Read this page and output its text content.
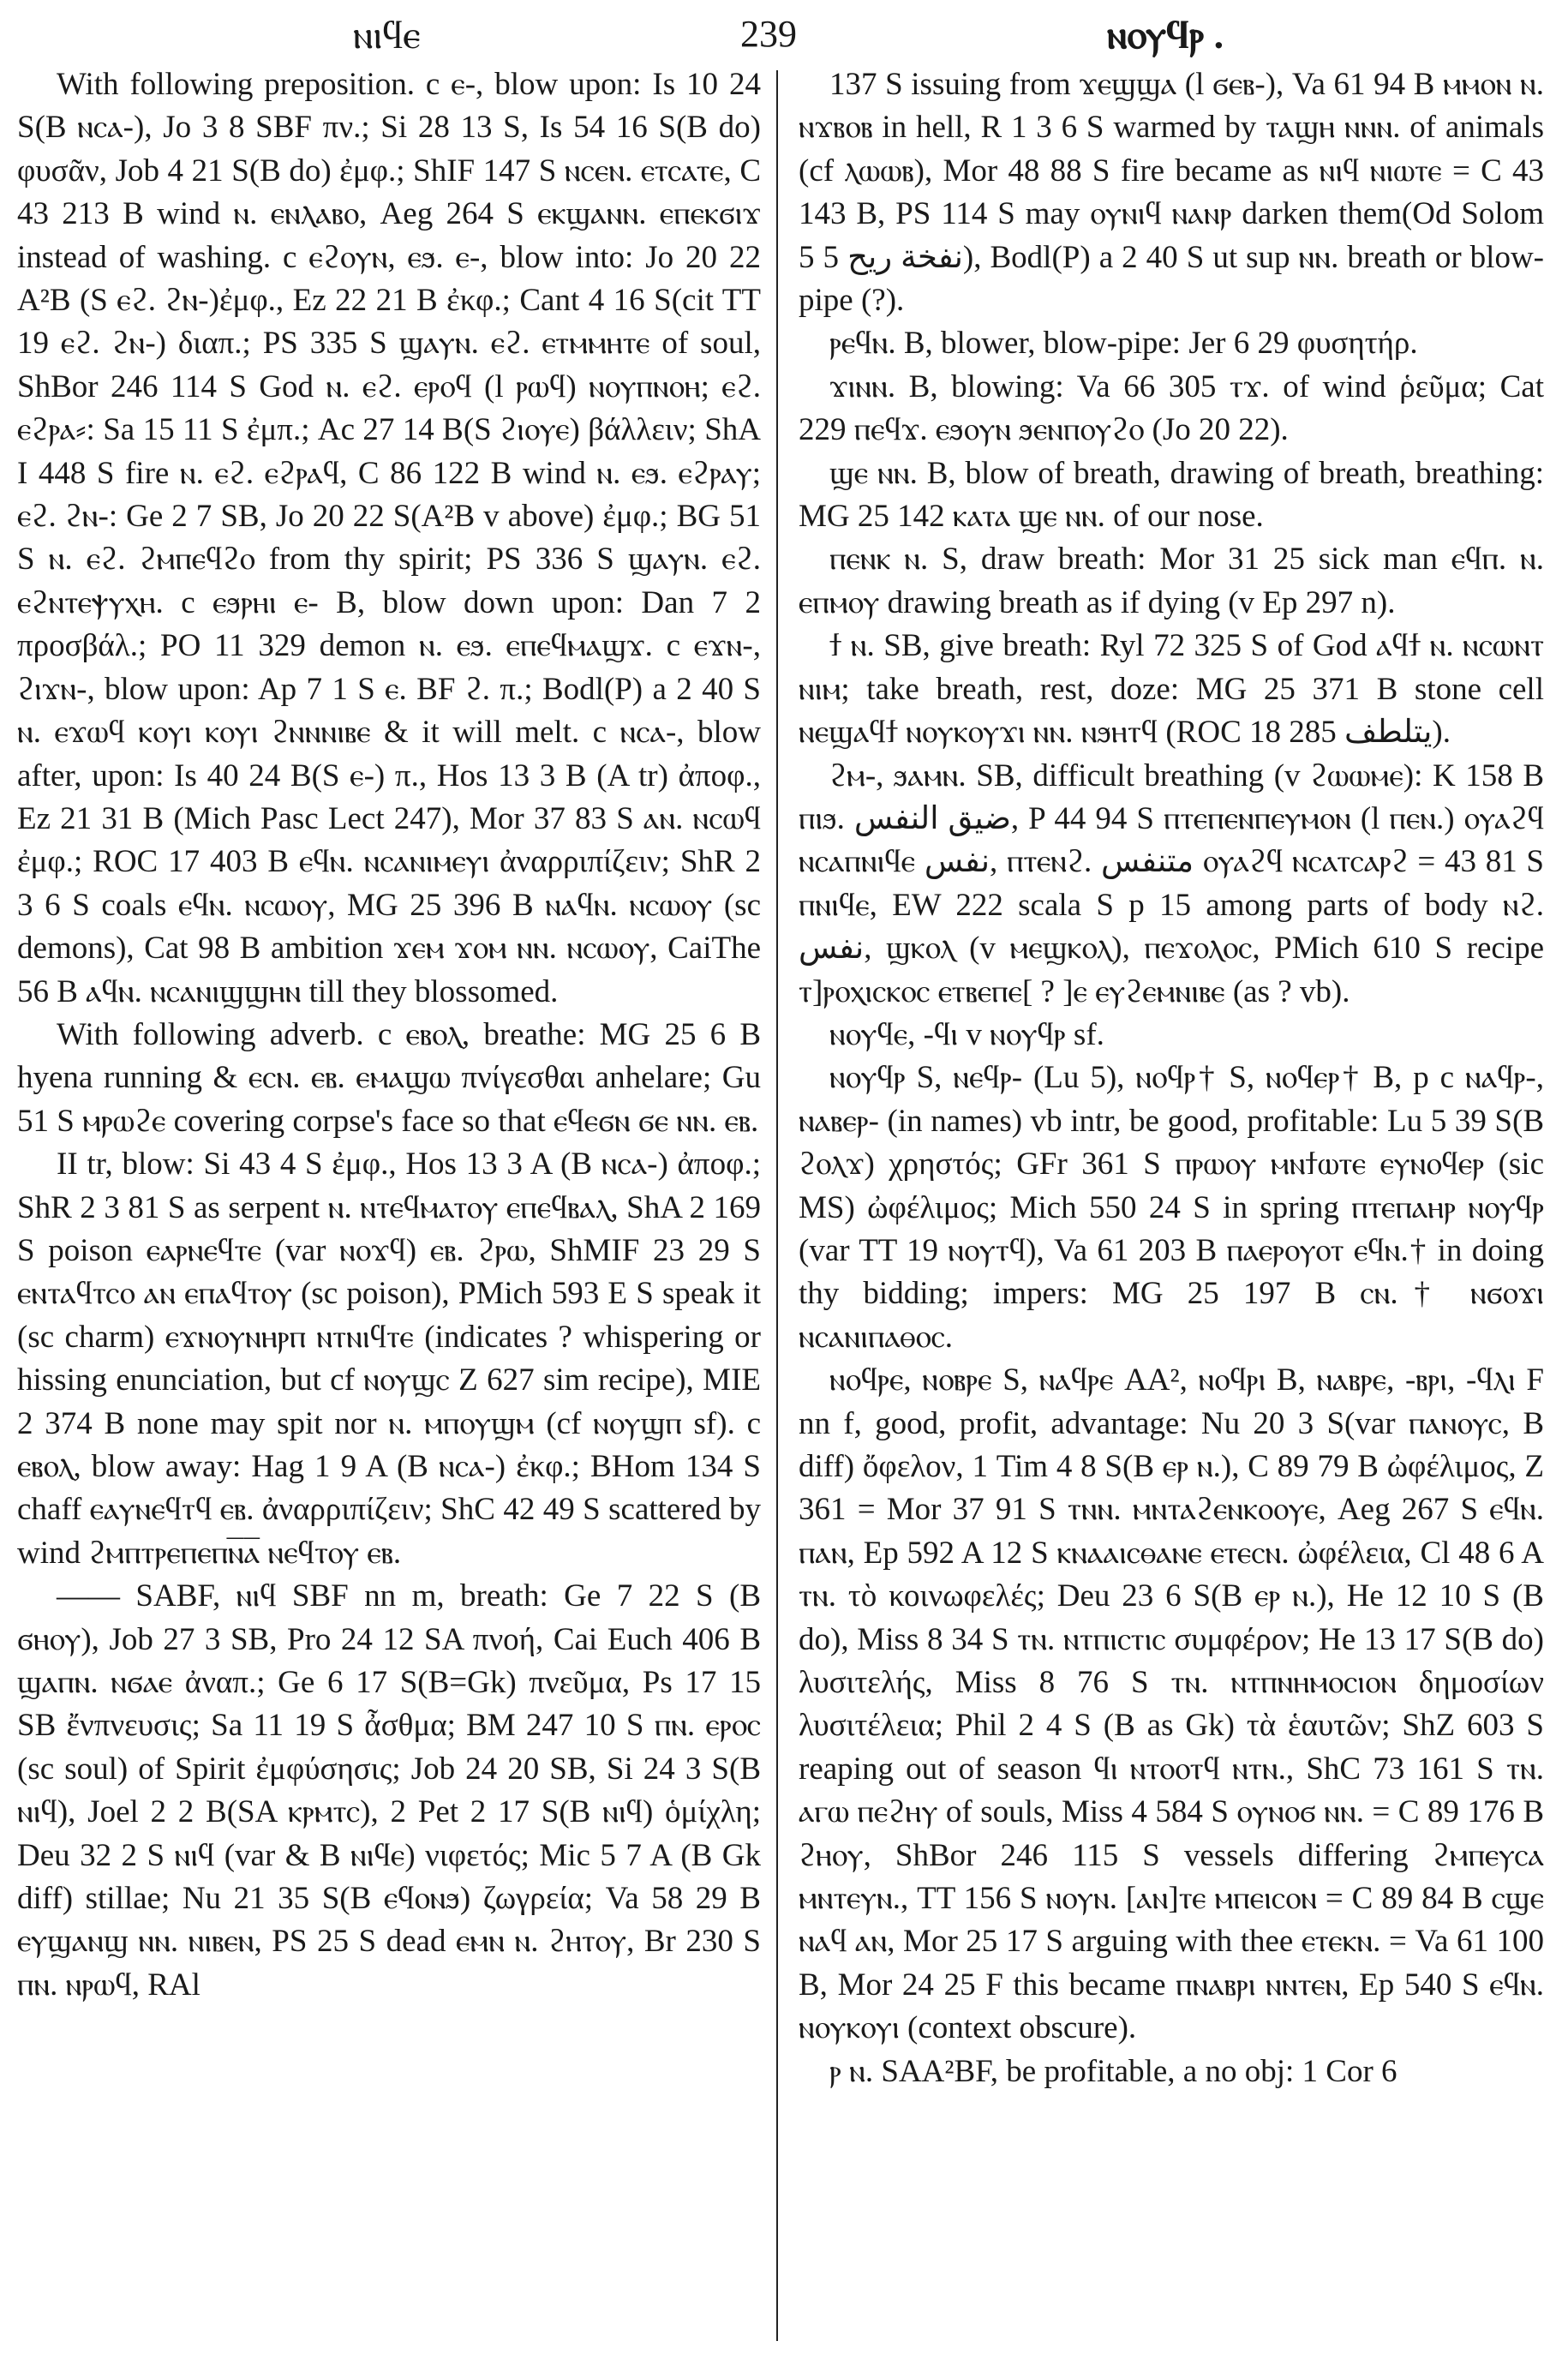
ⲛⲓϥⲉ	239	ⲛⲟⲩϥⲣ .

With following preposition. c ⲉ-, blow upon: Is 10 24 S(B ⲛⲥⲁ-), Jo 3 8 SBF πν.; Si 28 13 S, Is 54 16 S(B do) φυσᾶν, Job 4 21 S(B do) ἐμφ.; ShIF 147 S ⲛⲥⲉⲛ. ⲉⲧⲥⲁⲧⲉ, C 43 213 B wind ⲛ. ⲉⲛⲗⲁⲃⲟ, Aeg 264 S ⲉⲕϣⲁⲛⲛ. ⲉⲡⲉⲕϭⲓϫ instead of washing. c ⲉϩⲟⲩⲛ, ⲉϧ. ⲉ-, blow into: Jo 20 22 A²B (S ⲉϩ. ϩⲛ-)ἐμφ., Ez 22 21 B ἐκφ.; Cant 4 16 S(cit TT 19 ⲉϩ. ϩⲛ-) διαπ.; PS 335 S ϣⲁⲩⲛ. ⲉϩ. ⲉⲧⲙⲙⲏⲧⲉ of soul, ShBor 246 114 S God ⲛ. ⲉϩ. ⲉⲣⲟϥ (l ⲣⲱϥ) ⲛⲟⲩⲡⲛⲟⲏ; ⲉϩ. ⲉϩⲣⲁ⸗: Sa 15 11 S ἐμπ.; Ac 27 14 B(S ϩⲓⲟⲩⲉ) βάλλειν; ShA I 448 S fire ⲛ. ⲉϩ. ⲉϩⲣⲁϥ, C 86 122 B wind ⲛ. ⲉϧ. ⲉϩⲣⲁⲩ; ⲉϩ. ϩⲛ-: Ge 2 7 SB, Jo 20 22 S(A²B v above) ἐμφ.; BG 51 S ⲛ. ⲉϩ. ϩⲙⲡⲉϥϩⲟ from thy spirit; PS 336 S ϣⲁⲩⲛ. ⲉϩ. ⲉϩⲛⲧⲉⲯⲩⲭⲏ. c ⲉϧⲣⲏⲓ ⲉ- B, blow down upon: Dan 7 2 προσβάλ.; PO 11 329 demon ⲛ. ⲉϧ. ⲉⲡⲉϥⲙⲁϣϫ. c ⲉϫⲛ-, ϩⲓϫⲛ-, blow upon: Ap 7 1 S ⲉ. BF ϩ. π.; Bodl(P) a 2 40 S ⲛ. ⲉϫⲱϥ ⲕⲟⲩⲓ ⲕⲟⲩⲓ ϩⲛⲛⲛⲓⲃⲉ & it will melt. c ⲛⲥⲁ-, blow after, upon: Is 40 24 B(S ⲉ-) π., Hos 13 3 B (A tr) ἀποφ., Ez 21 31 B (Mich Pasc Lect 247), Mor 37 83 S ⲁⲛ. ⲛⲥⲱϥ ἐμφ.; ROC 17 403 B ⲉϥⲛ. ⲛⲥⲁⲛⲓⲙⲉⲩⲓ ἀναρριπίζειν; ShR 2 3 6 S coals ⲉϥⲛ. ⲛⲥⲱⲟⲩ, MG 25 396 B ⲛⲁϥⲛ. ⲛⲥⲱⲟⲩ (sc demons), Cat 98 B ambition ϫⲉⲙ ϫⲟⲙ ⲛⲛ. ⲛⲥⲱⲟⲩ, CaiThe 56 B ⲁϥⲛ. ⲛⲥⲁⲛⲓϣϣⲏⲛ till they blossomed.

With following adverb. c ⲉⲃⲟⲗ, breathe: MG 25 6 B hyena running & ⲉⲥⲛ. ⲉⲃ. ⲉⲙⲁϣⲱ πνίγεσθαι anhelare; Gu 51 S ⲙⲣⲱϩⲉ covering corpse's face so that ⲉϥⲉϭⲛ ϭⲉ ⲛⲛ. ⲉⲃ.

II tr, blow: Si 43 4 S ἐμφ., Hos 13 3 A (B ⲛⲥⲁ-) ἀποφ.; ShR 2 3 81 S as serpent ⲛ. ⲛⲧⲉϥⲙⲁⲧⲟⲩ ⲉⲡⲉϥⲃⲁⲗ, ShA 2 169 S poison ⲉⲁⲣⲛⲉϥⲧⲉ (var ⲛⲟϫϥ) ⲉⲃ. ϩⲣⲱ, ShMIF 23 29 S ⲉⲛⲧⲁϥⲧⲥⲟ ⲁⲛ ⲉⲡⲁϥⲧⲟⲩ (sc poison), PMich 593 E S speak it (sc charm) ⲉϫⲛⲟⲩⲛⲏⲣⲡ ⲛⲧⲛⲓϥⲧⲉ (indicates ? whispering or hissing enunciation, but cf ⲛⲟⲩϣⲥ Z 627 sim recipe), MIE 2 374 B none may spit nor ⲛ. ⲙⲡⲟⲩϣⲙ (cf ⲛⲟⲩϣⲡ sf). c ⲉⲃⲟⲗ, blow away: Hag 1 9 A (B ⲛⲥⲁ-) ἐκφ.; BHom 134 S chaff ⲉⲁⲩⲛⲉϥⲧϥ ⲉⲃ. ἀναρριπίζειν; ShC 42 49 S scattered by wind ϩⲙⲡⲧⲣⲉⲡⲉⲡⲛ̅ⲁ̅ ⲛⲉϥⲧⲟⲩ ⲉⲃ.

—— SABF, ⲛⲓϥ SBF nn m, breath: Ge 7 22 S (B ϭⲏⲟⲩ), Job 27 3 SB, Pro 24 12 SA πνοή, Cai Euch 406 B ϣⲁⲡⲛ. ⲛϭⲁⲉ ἀναπ.; Ge 6 17 S(B=Gk) πνεῦμα, Ps 17 15 SB ἔνπνευσις; Sa 11 19 S ἆσθμα; BM 247 10 S ⲡⲛ. ⲉⲣⲟⲥ (sc soul) of Spirit ἐμφύσησις; Job 24 20 SB, Si 24 3 S(B ⲛⲓϥ), Joel 2 2 B(SA ⲕⲣⲙⲧⲥ), 2 Pet 2 17 S(B ⲛⲓϥ) ὁμίχλη; Deu 32 2 S ⲛⲓϥ (var & B ⲛⲓϥⲉ) νιφετός; Mic 5 7 A (B Gk diff) stillae; Nu 21 35 S(B ⲉϥⲟⲛϧ) ζωγρεία; Va 58 29 B ⲉⲩϣⲁⲛϣ ⲛⲛ. ⲛⲓⲃⲉⲛ, PS 25 S dead ⲉⲙⲛ ⲛ. ϩⲏⲧⲟⲩ, Br 230 S ⲡⲛ. ⲛⲣⲱϥ, RAl

137 S issuing from ϫⲉϣϣⲁ (l ϭⲉⲃ-), Va 61 94 B ⲙⲙⲟⲛ ⲛ. ⲛϫⲃⲟⲃ in hell, R 1 3 6 S warmed by ⲧⲁϣⲏ ⲛⲛⲛ. of animals (cf ⲗⲱⲱⲃ), Mor 48 88 S fire became as ⲛⲓϥ ⲛⲓⲱⲧⲉ = C 43 143 B, PS 114 S may ⲟⲩⲛⲓϥ ⲛⲁⲛⲣ darken them(Od Solom 5 5 ﻧﻔﺨﺔ ﺭﻳﺢ), Bodl(P) a 2 40 S ut sup ⲛⲛ. breath or blow-pipe (?).

ⲣⲉϥⲛ. B, blower, blow-pipe: Jer 6 29 φυσητήρ.

ϫⲓⲛⲛ. B, blowing: Va 66 305 ⲧϫ. of wind ῥεῦμα; Cat 229 ⲡⲉϥϫ. ⲉϧⲟⲩⲛ ϧⲉⲛⲡⲟⲩϩⲟ (Jo 20 22).

ϣⲉ ⲛⲛ. B, blow of breath, drawing of breath, breathing: MG 25 142 ⲕⲁⲧⲁ ϣⲉ ⲛⲛ. of our nose.

ⲡⲉⲛⲕ ⲛ. S, draw breath: Mor 31 25 sick man ⲉϥⲡ. ⲛ. ⲉⲡⲙⲟⲩ drawing breath as if dying (v Ep 297 n).

ϯ ⲛ. SB, give breath: Ryl 72 325 S of God ⲁϥϯ ⲛ. ⲛⲥⲱⲛⲧ ⲛⲓⲙ; take breath, rest, doze: MG 25 371 B stone cell ⲛⲉϣⲁϥϯ ⲛⲟⲩⲕⲟⲩϫⲓ ⲛⲛ. ⲛϧⲏⲧϥ (ROC 18 285 ﻳﺘﻠﻄﻒ).

ϩⲙ-, ϧⲁⲙⲛ. SB, difficult breathing (v ϩⲱⲱⲙⲉ): K 158 B ⲡⲓϧ. ﺿﻴﻖ ﺍﻟﻨﻔﺲ, P 44 94 S ⲡⲧⲉⲡⲉⲛⲡⲉⲩⲙⲟⲛ (l ⲡⲉⲛ.) ⲟⲩⲁϩϥ ⲛⲥⲁⲡⲛⲓϥⲉ ﻧﻔﺲ, ⲡⲧⲉⲛϩ. ﻣﺘﻨﻔﺲ ⲟⲩⲁϩϥ ⲛⲥⲁⲧⲥⲁⲣϩ = 43 81 S ⲡⲛⲓϥⲉ, EW 222 scala S p 15 among parts of body ⲛϩ. ﻧﻔﺲ, ϣⲕⲟⲗ (v ⲙⲉϣⲕⲟⲗ), ⲡⲉϫⲟⲗⲟⲥ, PMich 610 S recipe ⲧ]ⲣⲟⲭⲓⲥⲕⲟⲥ ⲉⲧⲃⲉⲡⲉ[ ? ]ⲉ ⲉⲩϩⲉⲙⲛⲓⲃⲉ (as ? vb).

ⲛⲟⲩϥⲉ, -ϥⲓ v ⲛⲟⲩϥⲣ sf.

ⲛⲟⲩϥⲣ S, ⲛⲉϥⲣ- (Lu 5), ⲛⲟϥⲣ† S, ⲛⲟϥⲉⲣ† B, p c ⲛⲁϥⲣ-, ⲛⲁⲃⲉⲣ- (in names) vb intr, be good, profitable: Lu 5 39 S(B ϩⲟⲗϫ) χρηστός; GFr 361 S ⲡⲣⲱⲟⲩ ⲙⲛϯⲱⲧⲉ ⲉⲩⲛⲟϥⲉⲣ (sic MS) ὠφέλιμος; Mich 550 24 S in spring ⲡⲧⲉⲡⲁⲏⲣ ⲛⲟⲩϥⲣ (var TT 19 ⲛⲟⲩⲧϥ), Va 61 203 B ⲡⲁⲉⲣⲟⲩⲟⲧ ⲉϥⲛ.† in doing thy bidding; impers: MG 25 197 B ⲥⲛ.† ⲛϭⲟϫⲓ ⲛⲥⲁⲛⲓⲡⲁⲑⲟⲥ.

ⲛⲟϥⲣⲉ, ⲛⲟⲃⲣⲉ S, ⲛⲁϥⲣⲉ AA², ⲛⲟϥⲣⲓ B, ⲛⲁⲃⲣⲉ, -ⲃⲣⲓ, -ϥⲗⲓ F nn f, good, profit, advantage: Nu 20 3 S(var ⲡⲁⲛⲟⲩⲥ, B diff) ὄφελον, 1 Tim 4 8 S(B ⲉⲣ ⲛ.), C 89 79 B ὠφέλιμος, Z 361 = Mor 37 91 S ⲧⲛⲛ. ⲙⲛⲧⲁϩⲉⲛⲕⲟⲟⲩⲉ, Aeg 267 S ⲉϥⲛ. ⲡⲁⲛ, Ep 592 A 12 S ⲕⲛⲁⲁⲓⲥⲑⲁⲛⲉ ⲉⲧⲉⲥⲛ. ὠφέλεια, Cl 48 6 A ⲧⲛ. τὸ κοινωφελές; Deu 23 6 S(B ⲉⲣ ⲛ.), He 12 10 S (B do), Miss 8 34 S ⲧⲛ. ⲛⲧⲡⲓⲥⲧⲓⲥ συμφέρον; He 13 17 S(B do) λυσιτελής, Miss 8 76 S ⲧⲛ. ⲛⲧⲡⲛⲏⲙⲟⲥⲓⲟⲛ δημοσίων λυσιτέλεια; Phil 2 4 S (B as Gk) τὰ ἑαυτῶν; ShZ 603 S reaping out of season ϥⲓ ⲛⲧⲟⲟⲧϥ ⲛⲧⲛ., ShC 73 161 S ⲧⲛ. ⲁⲅⲱ ⲡⲉϩⲏⲩ of souls, Miss 4 584 S ⲟⲩⲛⲟϭ ⲛⲛ. = C 89 176 B ϩⲏⲟⲩ, ShBor 246 115 S vessels differing ϩⲙⲡⲉⲩⲥⲁ ⲙⲛⲧⲉⲩⲛ., TT 156 S ⲛⲟⲩⲛ. [ⲁⲛ]ⲧⲉ ⲙⲡⲉⲓⲥⲟⲛ = C 89 84 B ⲥϣⲉ ⲛⲁϥ ⲁⲛ, Mor 25 17 S arguing with thee ⲉⲧⲉⲕⲛ. = Va 61 100 B, Mor 24 25 F this became ⲡⲛⲁⲃⲣⲓ ⲛⲛⲧⲉⲛ, Ep 540 S ⲉϥⲛ. ⲛⲟⲩⲕⲟⲩⲓ (context obscure).

ⲣ ⲛ. SAA²BF, be profitable, a no obj: 1 Cor 6
